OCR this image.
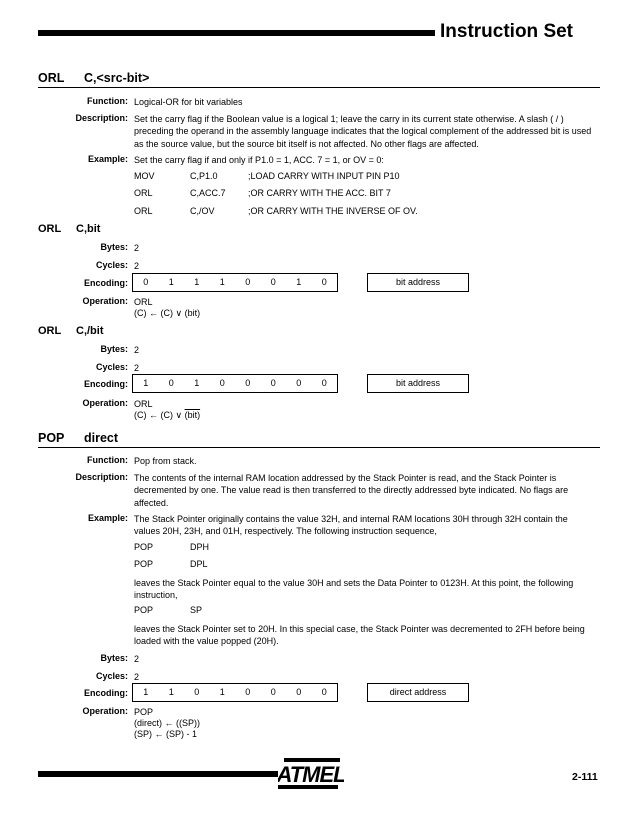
Instruction Set
ORL C,<src-bit>
Function: Logical-OR for bit variables
Description: Set the carry flag if the Boolean value is a logical 1; leave the carry in its current state otherwise. A slash ( / ) preceding the operand in the assembly language indicates that the logical complement of the addressed bit is used as the source value, but the source bit itself is not affected. No other flags are affected.
Example: Set the carry flag if and only if P1.0 = 1, ACC. 7 = 1, or OV = 0:
MOV	C,P1.0	;LOAD CARRY WITH INPUT PIN P10
ORL	C,ACC.7 ;OR CARRY WITH THE ACC. BIT 7
ORL	C,/OV	;OR CARRY WITH THE INVERSE OF OV.
ORL C,bit
Bytes: 2
Cycles: 2
Encoding:	0	1	1	1	0	0	1	0	bit address
Operation: ORL
(C) ← (C) ∨ (bit)
ORL C,/bit
Bytes: 2
Cycles: 2
Encoding:	1	0	1	0	0	0	0	0	bit address
Operation: ORL
(C) ← (C) ∨ (bit)
POP direct
Function: Pop from stack.
Description: The contents of the internal RAM location addressed by the Stack Pointer is read, and the Stack Pointer is decremented by one. The value read is then transferred to the directly addressed byte indicated. No flags are affected.
Example: The Stack Pointer originally contains the value 32H, and internal RAM locations 30H through 32H contain the values 20H, 23H, and 01H, respectively. The following instruction sequence,
POP	DPH
POP	DPL
leaves the Stack Pointer equal to the value 30H and sets the Data Pointer to 0123H. At this point, the following instruction,
POP	SP
leaves the Stack Pointer set to 20H. In this special case, the Stack Pointer was decremented to 2FH before being loaded with the value popped (20H).
Bytes: 2
Cycles: 2
Encoding:	1	1	0	1	0	0	0	0	direct address
Operation: POP
(direct) ← ((SP))
(SP) ← (SP) - 1
ATMEL	2-111
